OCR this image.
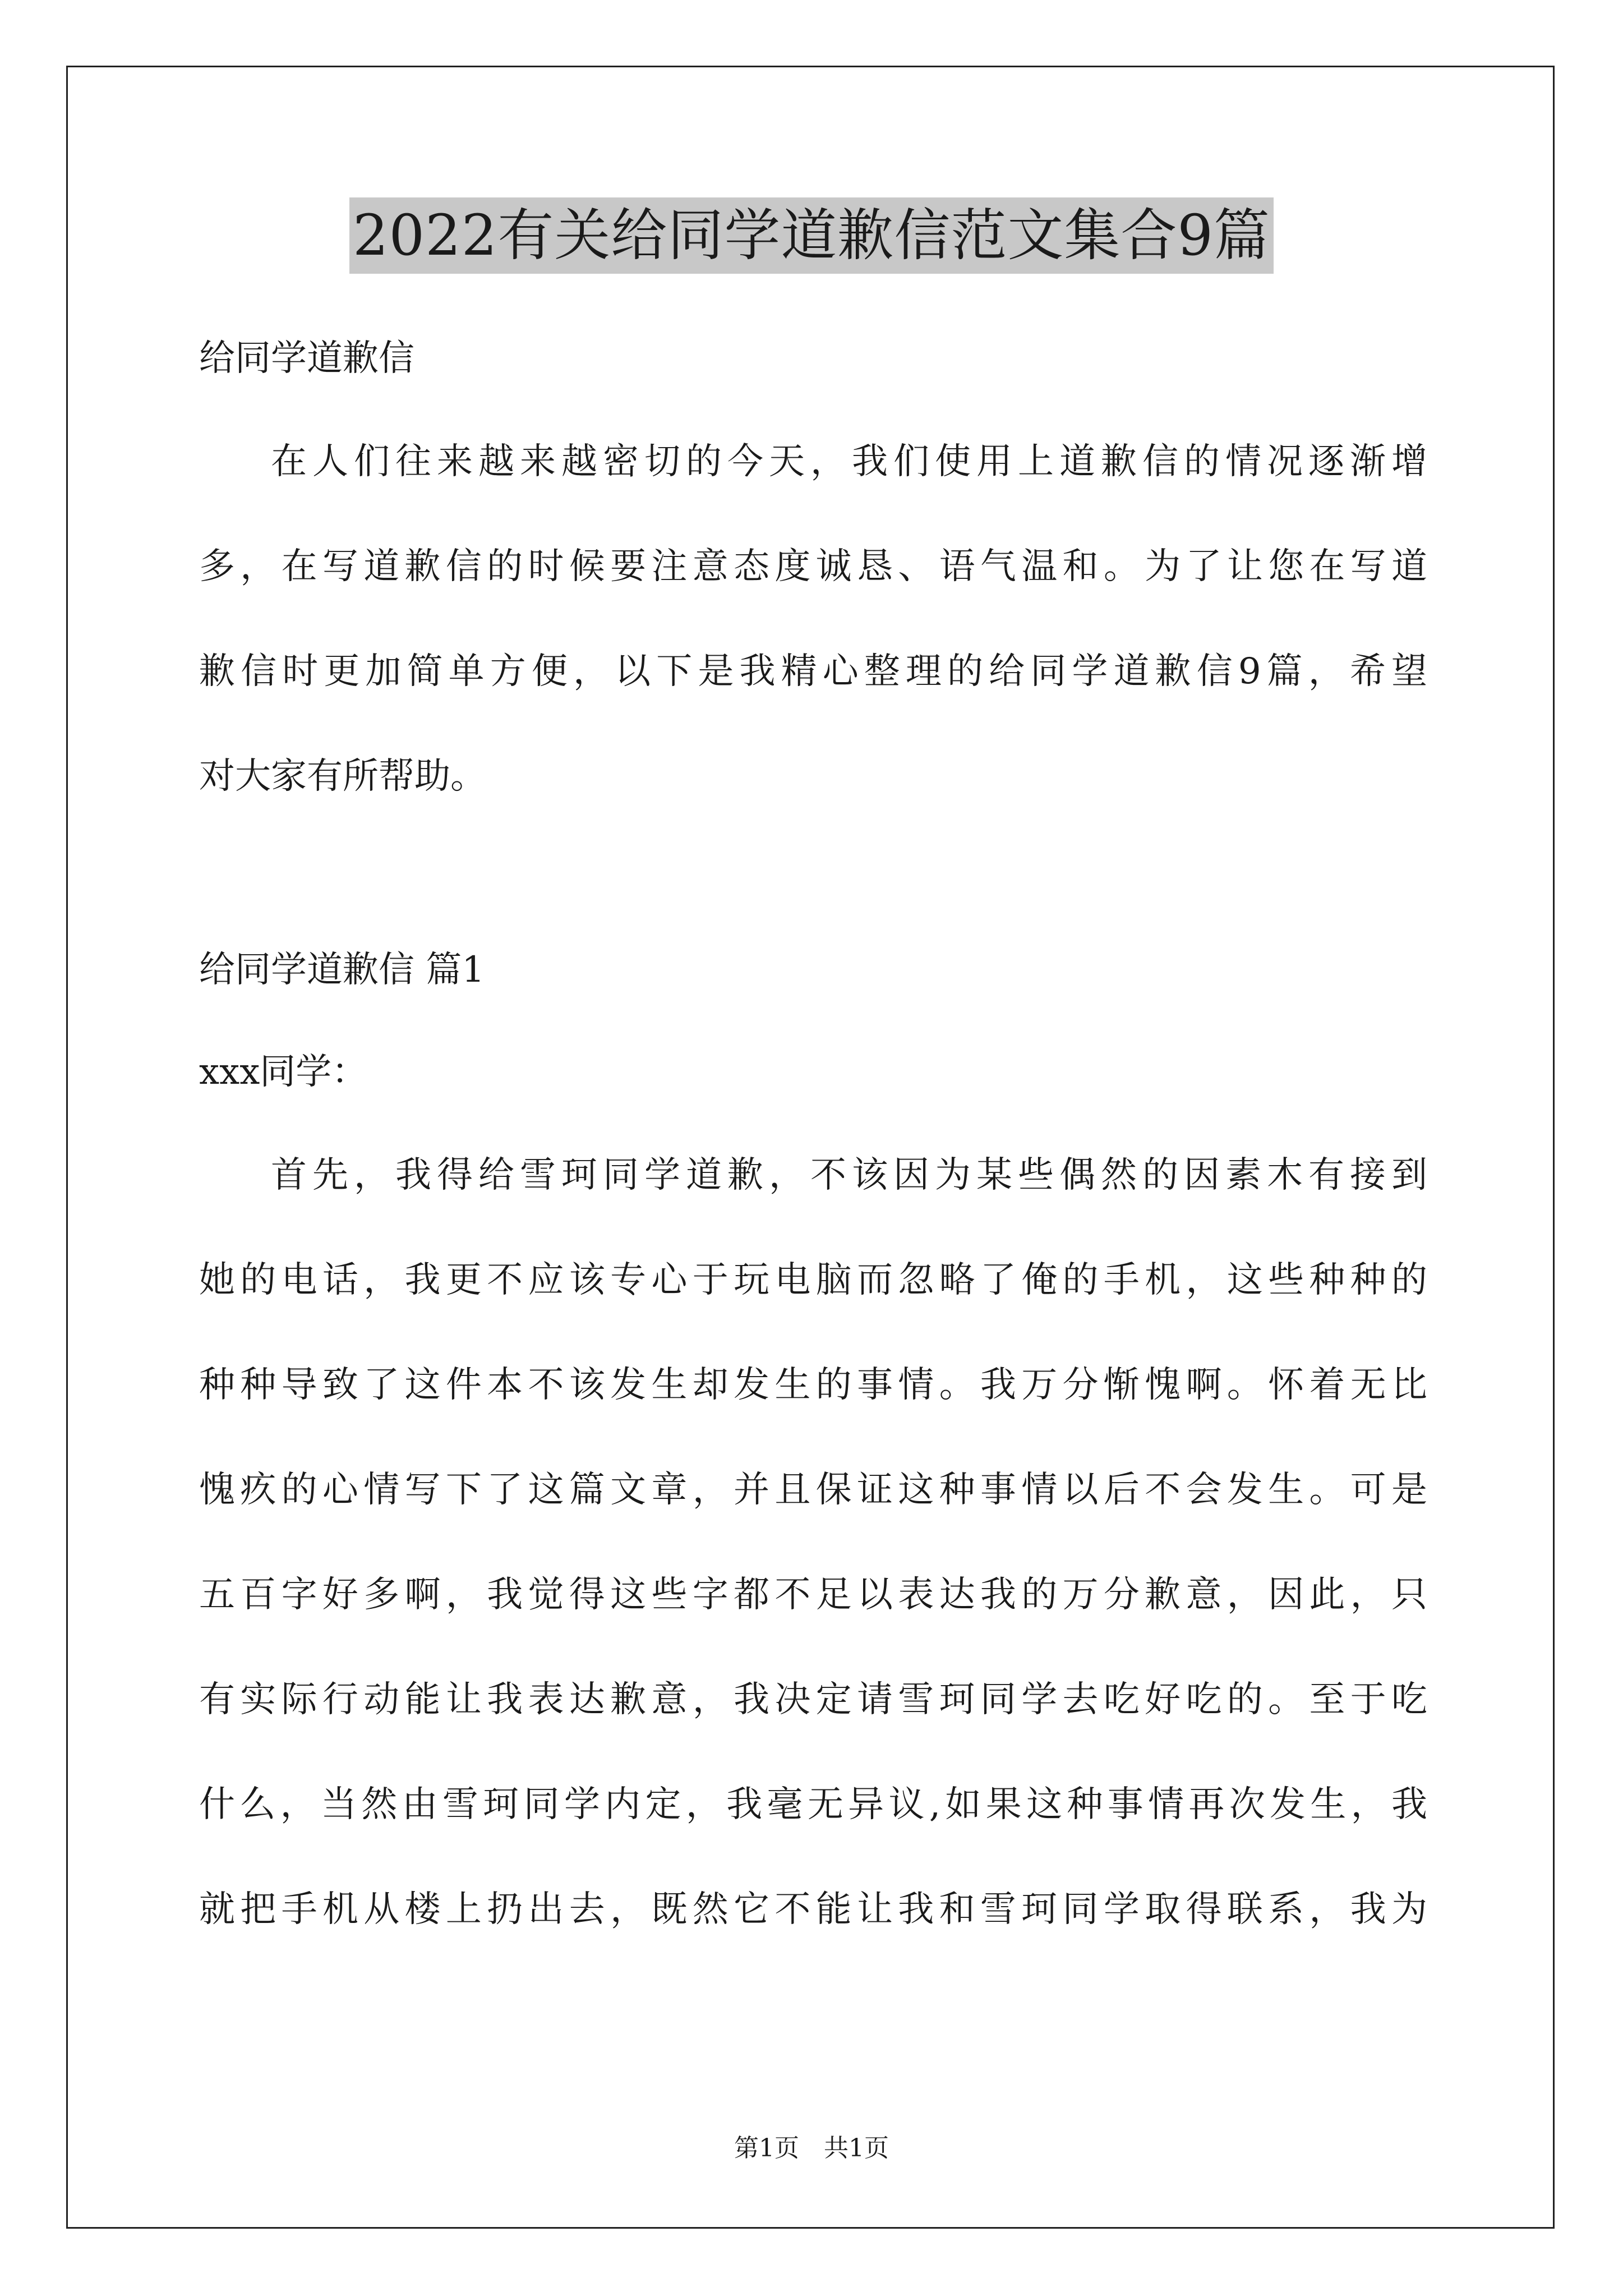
2022有关给同学道歉信范文集合9篇
给同学道歉信
在人们往来越来越密切的今天，我们使用上道歉信的情况逐渐增
多，在写道歉信的时候要注意态度诚恳、语气温和。为了让您在写道
歉信时更加简单方便，以下是我精心整理的给同学道歉信9篇，希望
对大家有所帮助。
给同学道歉信 篇1
xxx同学：
首先，我得给雪珂同学道歉，不该因为某些偶然的因素木有接到
她的电话，我更不应该专心于玩电脑而忽略了俺的手机，这些种种的
种种导致了这件本不该发生却发生的事情。我万分惭愧啊。怀着无比
愧疚的心情写下了这篇文章，并且保证这种事情以后不会发生。可是
五百字好多啊，我觉得这些字都不足以表达我的万分歉意，因此，只
有实际行动能让我表达歉意，我决定请雪珂同学去吃好吃的。至于吃
什么，当然由雪珂同学内定，我毫无异议,如果这种事情再次发生，我
就把手机从楼上扔出去，既然它不能让我和雪珂同学取得联系，我为
第1页　共1页
